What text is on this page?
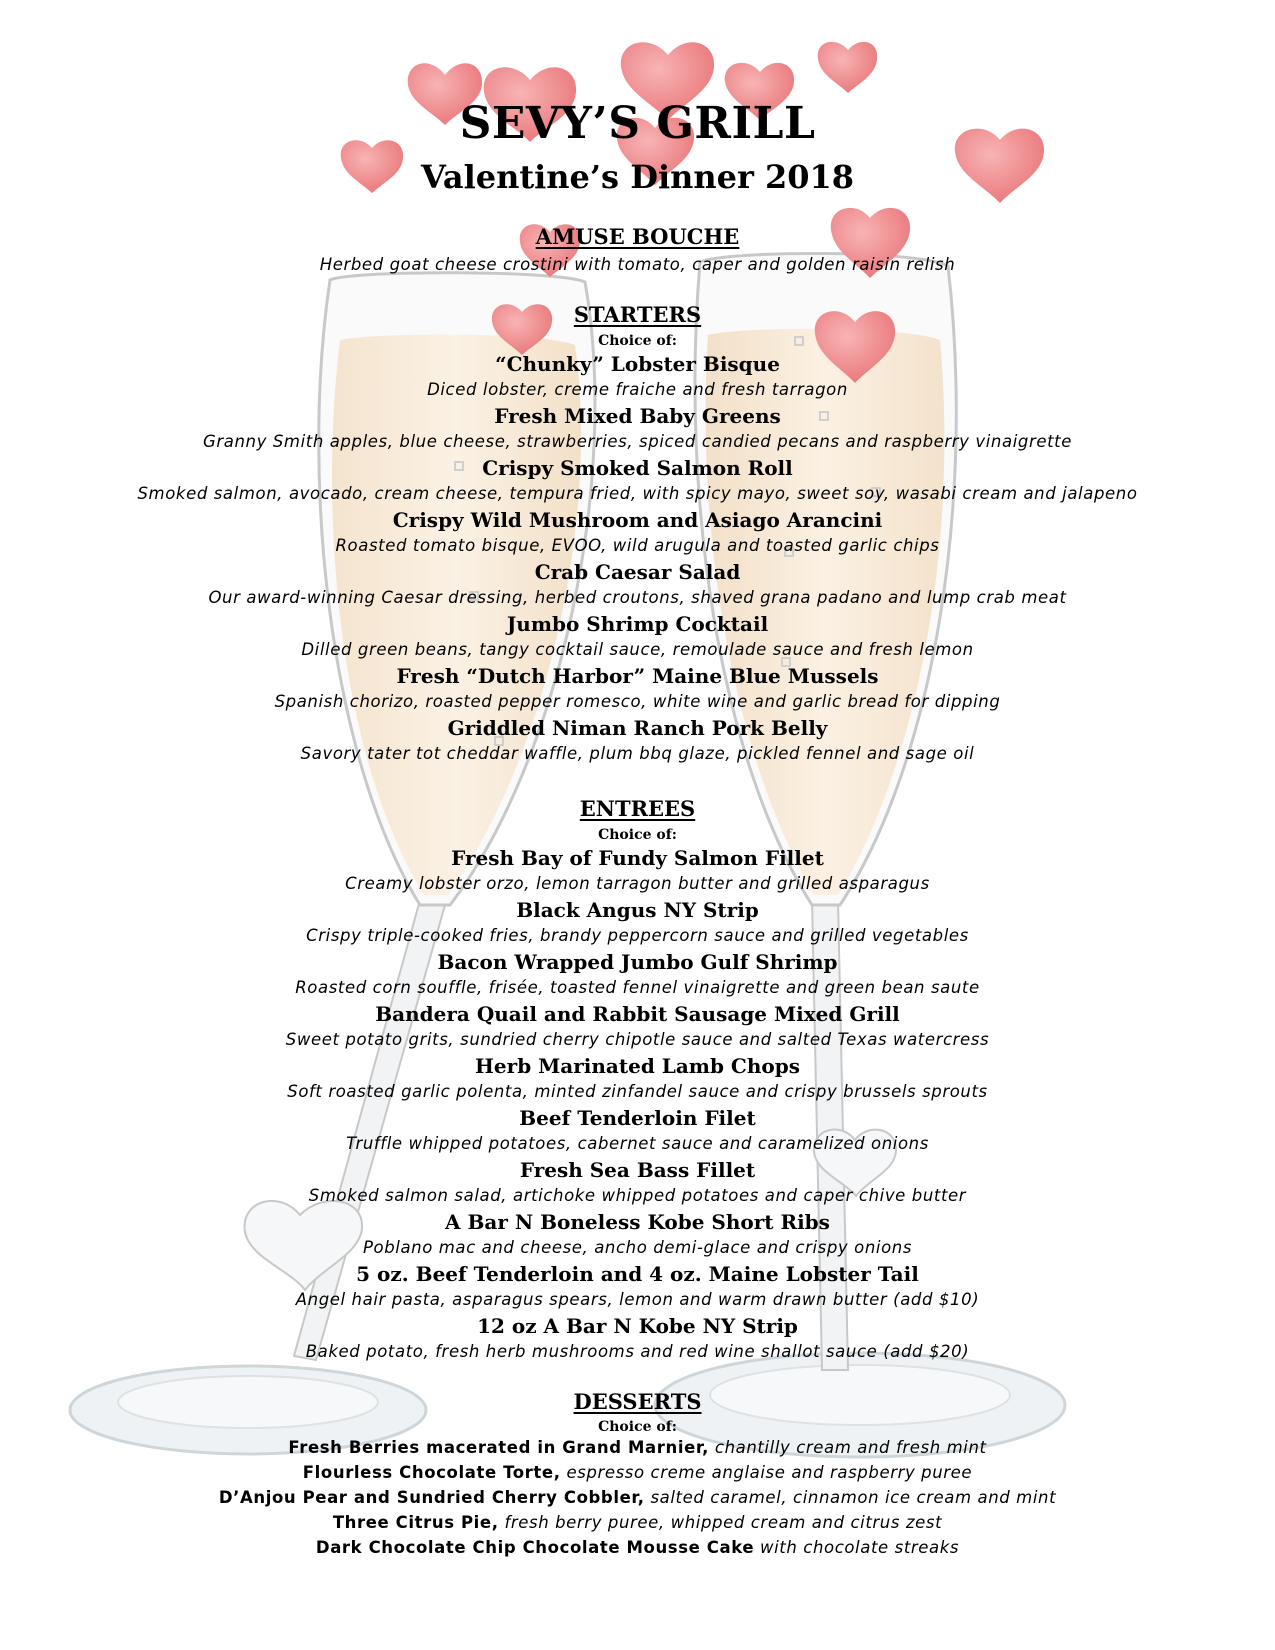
SEVY’S GRILL
Valentine’s Dinner 2018
AMUSE BOUCHE
Herbed goat cheese crostini with tomato, caper and golden raisin relish
STARTERS
Choice of:
“Chunky” Lobster Bisque
Diced lobster, creme fraiche and fresh tarragon
Fresh Mixed Baby Greens
Granny Smith apples, blue cheese, strawberries, spiced candied pecans and raspberry vinaigrette
Crispy Smoked Salmon Roll
Smoked salmon, avocado, cream cheese, tempura fried, with spicy mayo, sweet soy, wasabi cream and jalapeno
Crispy Wild Mushroom and Asiago Arancini
Roasted tomato bisque, EVOO, wild arugula and toasted garlic chips
Crab Caesar Salad
Our award-winning Caesar dressing, herbed croutons, shaved grana padano and lump crab meat
Jumbo Shrimp Cocktail
Dilled green beans, tangy cocktail sauce, remoulade sauce and fresh lemon
Fresh “Dutch Harbor” Maine Blue Mussels
Spanish chorizo, roasted pepper romesco, white wine and garlic bread for dipping
Griddled Niman Ranch Pork Belly
Savory tater tot cheddar waffle, plum bbq glaze, pickled fennel and sage oil
ENTREES
Choice of:
Fresh Bay of Fundy Salmon Fillet
Creamy lobster orzo, lemon tarragon butter and grilled asparagus
Black Angus NY Strip
Crispy triple-cooked fries, brandy peppercorn sauce and grilled vegetables
Bacon Wrapped Jumbo Gulf Shrimp
Roasted corn souffle, frisée, toasted fennel vinaigrette and green bean saute
Bandera Quail and Rabbit Sausage Mixed Grill
Sweet potato grits, sundried cherry chipotle sauce and salted Texas watercress
Herb Marinated Lamb Chops
Soft roasted garlic polenta, minted zinfandel sauce and crispy brussels sprouts
Beef Tenderloin Filet
Truffle whipped potatoes, cabernet sauce and caramelized onions
Fresh Sea Bass Fillet
Smoked salmon salad, artichoke whipped potatoes and caper chive butter
A Bar N Boneless Kobe Short Ribs
Poblano mac and cheese, ancho demi-glace and crispy onions
5 oz. Beef Tenderloin and 4 oz. Maine Lobster Tail
Angel hair pasta, asparagus spears, lemon and warm drawn butter (add $10)
12 oz A Bar N Kobe NY Strip
Baked potato, fresh herb mushrooms and red wine shallot sauce (add $20)
DESSERTS
Choice of:
Fresh Berries macerated in Grand Marnier, chantilly cream and fresh mint
Flourless Chocolate Torte, espresso creme anglaise and raspberry puree
D’Anjou Pear and Sundried Cherry Cobbler, salted caramel, cinnamon ice cream and mint
Three Citrus Pie, fresh berry puree, whipped cream and citrus zest
Dark Chocolate Chip Chocolate Mousse Cake with chocolate streaks
